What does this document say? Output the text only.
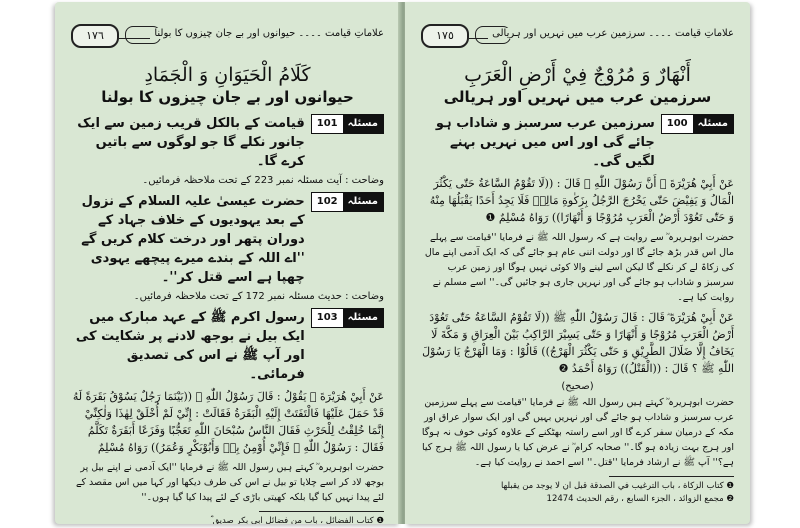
١٧٦	علاماتِ قیامت ۔۔۔۔ حیوانوں اور بے جان چیزوں کا بولنا
كَلَامُ الْحَيَوَانِ وَ الْجَمَادِ
حیوانوں اور بے جان چیزوں کا بولنا
مسئلہ
101
قیامت کے بالکل قریب زمین سے ایک جانور نکلے گا جو لوگوں سے باتیں کرے گا۔
وضاحت : آیت مسئلہ نمبر 223 کے تحت ملاحظہ فرمائیں۔
مسئلہ
102
حضرت عیسیٰ علیہ السلام کے نزول کے بعد یہودیوں کے خلاف جہاد کے دوران پتھر اور درخت کلام کریں گے ''اے اللہ کے بندے میرے پیچھے یہودی چھپا ہے اسے قتل کر''۔
وضاحت : حدیث مسئلہ نمبر 172 کے تحت ملاحظہ فرمائیں۔
مسئلہ
103
رسول اکرم ﷺ کے عہد مبارک میں ایک بیل نے بوجھ لادنے پر شکایت کی اور آپ ﷺ نے اس کی تصدیق فرمائی۔
عَنْ أَبِيْ هُرَيْرَةَ ؓ يَقُوْلُ : قَالَ رَسُوْلُ اللّٰهِ ﷺ ((بَيْنَمَا رَجُلٌ يَسُوْقُ بَقَرَةً لَهُ قَدْ حَمَلَ عَلَيْهَا فَالْتَفَتَتْ إِلَيْهِ الْبَقَرَةُ فَقَالَتْ : إِنِّيْ لَمْ أُخْلَقْ لِهٰذَا وَلٰكِنِّيْ إِنَّمَا خُلِقْتُ لِلْحَرْثِ فَقَالَ النَّاسُ سُبْحَانَ اللّٰهِ تَعَجُّبًا وَفَزَعًا أَبَقَرَةٌ تَكَلَّمُ فَقَالَ : رَسُوْلُ اللّٰهِ ﷺ فَإِنِّيْ أُوْمِنُ بِهٖ وَأَبُوْبَكْرٍ وَعُمَرُ)) رَوَاهُ مُسْلِمٌ
حضرت ابوہریرہ ؓ کہتے ہیں رسول اللہ ﷺ نے فرمایا ''ایک آدمی نے اپنے بیل پر بوجھ لاد کر اسے چلایا تو بیل نے اس کی طرف دیکھا اور کہا میں اس مقصد کے لئے پیدا نہیں کیا گیا بلکہ کھیتی باڑی کے لئے پیدا کیا گیا ہوں۔''
❶ كتاب الفضائل ، باب من فضائل ابي بكر صديق ؓ
١٧٥	علاماتِ قیامت ۔۔۔۔ سرزمین عرب میں نہریں اور ہریالی
أَنْهَارٌ وَ مُرُوْجٌ فِيْ أَرْضِ الْعَرَبِ
سرزمین عرب میں نہریں اور ہریالی
مسئلہ
100
سرزمین عرب سرسبز و شاداب ہو جائے گی اور اس میں نہریں بہنے لگیں گی۔
عَنْ أَبِيْ هُرَيْرَةَ ؓ أَنَّ رَسُوْلَ اللّٰهِ ﷺ قَالَ : ((لَا تَقُوْمُ السَّاعَةُ حَتّٰى يَكْثُرَ الْمَالُ وَ يَفِيْضَ حَتّٰى يَخْرُجَ الرَّجُلُ بِزَكٰوةِ مَالِهٖ فَلَا يَجِدُ أَحَدًا يَقْبَلُهَا مِنْهُ وَ حَتّٰى تَعُوْدَ أَرْضُ الْعَرَبِ مُرُوْجًا وَ أَنْهَارًا)) رَوَاهُ مُسْلِمٌ ❶
حضرت ابوہریرہ ؓ سے روایت ہے کہ رسول اللہ ﷺ نے فرمایا ''قیامت سے پہلے مال اس قدر بڑھ جائے گا اور دولت اتنی عام ہو جائے گی کہ ایک آدمی اپنے مال کی زکاۃ لے کر نکلے گا لیکن اسے لینے والا کوئی نہیں ہوگا اور زمین عرب سرسبز و شاداب ہو جائے گی اور نہریں جاری ہو جائیں گی۔'' اسے مسلم نے روایت کیا ہے۔
عَنْ أَبِيْ هُرَيْرَةَ ؓ قَالَ : قَالَ رَسُوْلُ اللّٰهِ ﷺ ((لَا تَقُوْمُ السَّاعَةُ حَتّٰى تَعُوْدَ أَرْضُ الْعَرَبِ مُرُوْجًا وَ أَنْهَارًا وَ حَتّٰى يَسِيْرَ الرَّاكِبُ بَيْنَ الْعِرَاقِ وَ مَكَّةَ لَا يَخَافُ إِلَّا ضَلَالَ الطَّرِيْقِ وَ حَتّٰى يَكْثُرَ الْهَرْجُ)) قَالُوْا : وَمَا الْهَرْجُ يَا رَسُوْلَ اللّٰهِ ﷺ ؟ قَالَ : ((الْقَتْلُ)) رَوَاهُ أَحْمَدُ ❷
(صحيح)
حضرت ابوہریرہ ؓ کہتے ہیں رسول اللہ ﷺ نے فرمایا ''قیامت سے پہلے سرزمین عرب سرسبز و شاداب ہو جائے گی اور نہریں بہیں گی اور ایک سوار عراق اور مکہ کے درمیان سفر کرے گا اور اسے راستہ بھٹکنے کے علاوہ کوئی خوف نہ ہوگا اور ہرج بہت زیادہ ہو گا۔'' صحابہ کرام ؓ نے عرض کیا یا رسول اللہ ﷺ ہرج کیا ہے؟'' آپ ﷺ نے ارشاد فرمایا ''قتل۔'' اسے احمد نے روایت کیا ہے۔
❶ كتاب الزكاة ، باب الترغيب في الصدقة قبل ان لا يوجد من يقبلها
❷ مجمع الزوائد ، الجزء السابع ، رقم الحديث 12474
